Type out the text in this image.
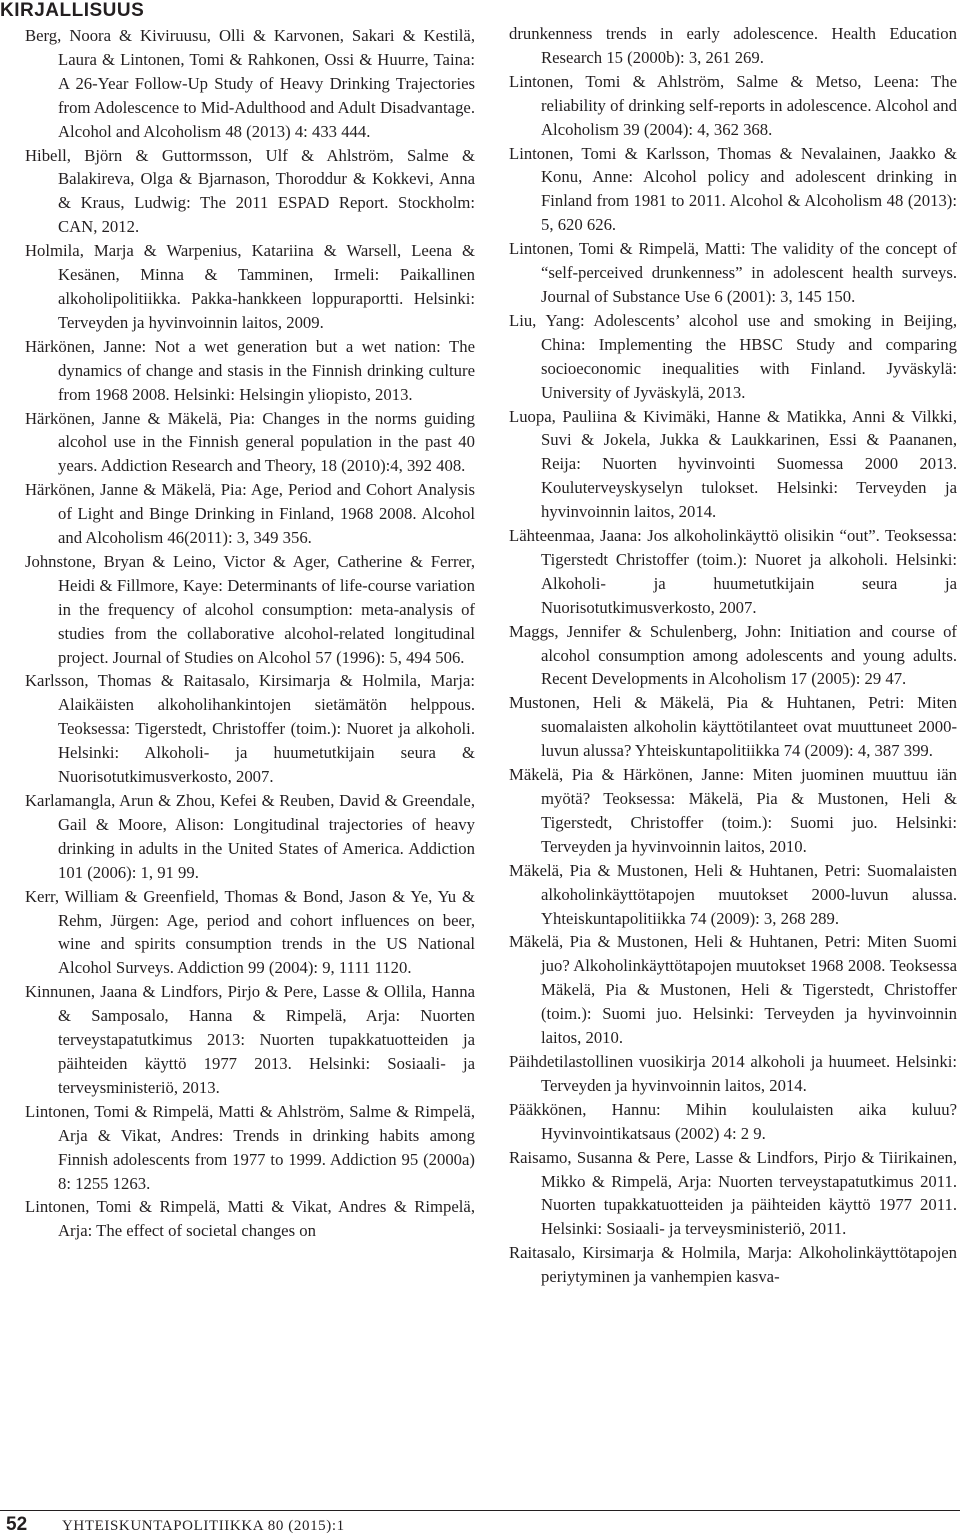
KIRJALLISUUS

Berg, Noora & Kiviruusu, Olli & Karvonen, Sakari & Kestilä, Laura & Lintonen, Tomi & Rahkonen, Ossi & Huurre, Taina: A 26-Year Follow-Up Study of Heavy Drinking Trajectories from Adolescence to Mid-Adulthood and Adult Disadvantage. Alcohol and Alcoholism 48 (2013) 4: 433 444.

Hibell, Björn & Guttormsson, Ulf & Ahlström, Salme & Balakireva, Olga & Bjarnason, Thoroddur & Kokkevi, Anna & Kraus, Ludwig: The 2011 ESPAD Report. Stockholm: CAN, 2012.

Holmila, Marja & Warpenius, Katariina & Warsell, Leena & Kesänen, Minna & Tamminen, Irmeli: Paikallinen alkoholipolitiikka. Pakka-hankkeen loppuraportti. Helsinki: Terveyden ja hyvinvoinnin laitos, 2009.

Härkönen, Janne: Not a wet generation but a wet nation: The dynamics of change and stasis in the Finnish drinking culture from 1968 2008. Helsinki: Helsingin yliopisto, 2013.

Härkönen, Janne & Mäkelä, Pia: Changes in the norms guiding alcohol use in the Finnish general population in the past 40 years. Addiction Research and Theory, 18 (2010):4, 392 408.

Härkönen, Janne & Mäkelä, Pia: Age, Period and Cohort Analysis of Light and Binge Drinking in Finland, 1968 2008. Alcohol and Alcoholism 46(2011): 3, 349 356.

Johnstone, Bryan & Leino, Victor & Ager, Catherine & Ferrer, Heidi & Fillmore, Kaye: Determinants of life-course variation in the frequency of alcohol consumption: meta-analysis of studies from the collaborative alcohol-related longitudinal project. Journal of Studies on Alcohol 57 (1996): 5, 494 506.

Karlsson, Thomas & Raitasalo, Kirsimarja & Holmila, Marja: Alaikäisten alkoholihankintojen sietämätön helppous. Teoksessa: Tigerstedt, Christoffer (toim.): Nuoret ja alkoholi. Helsinki: Alkoholi- ja huumetutkijain seura & Nuorisotutkimusverkosto, 2007.

Karlamangla, Arun & Zhou, Kefei & Reuben, David & Greendale, Gail & Moore, Alison: Longitudinal trajectories of heavy drinking in adults in the United States of America. Addiction 101 (2006): 1, 91 99.

Kerr, William & Greenfield, Thomas & Bond, Jason & Ye, Yu & Rehm, Jürgen: Age, period and cohort influences on beer, wine and spirits consumption trends in the US National Alcohol Surveys. Addiction 99 (2004): 9, 1111 1120.

Kinnunen, Jaana & Lindfors, Pirjo & Pere, Lasse & Ollila, Hanna & Samposalo, Hanna & Rimpelä, Arja: Nuorten terveystapatutkimus 2013: Nuorten tupakkatuotteiden ja päihteiden käyttö 1977 2013. Helsinki: Sosiaali- ja terveysministeriö, 2013.

Lintonen, Tomi & Rimpelä, Matti & Ahlström, Salme & Rimpelä, Arja & Vikat, Andres: Trends in drinking habits among Finnish adolescents from 1977 to 1999. Addiction 95 (2000a) 8: 1255 1263.

Lintonen, Tomi & Rimpelä, Matti & Vikat, Andres & Rimpelä, Arja: The effect of societal changes on

drunkenness trends in early adolescence. Health Education Research 15 (2000b): 3, 261 269.

Lintonen, Tomi & Ahlström, Salme & Metso, Leena: The reliability of drinking self-reports in adolescence. Alcohol and Alcoholism 39 (2004): 4, 362 368.

Lintonen, Tomi & Karlsson, Thomas & Nevalainen, Jaakko & Konu, Anne: Alcohol policy and adolescent drinking in Finland from 1981 to 2011. Alcohol & Alcoholism 48 (2013): 5, 620 626.

Lintonen, Tomi & Rimpelä, Matti: The validity of the concept of “self-perceived drunkenness” in adolescent health surveys. Journal of Substance Use 6 (2001): 3, 145 150.

Liu, Yang: Adolescents’ alcohol use and smoking in Beijing, China: Implementing the HBSC Study and comparing socioeconomic inequalities with Finland. Jyväskylä: University of Jyväskylä, 2013.

Luopa, Pauliina & Kivimäki, Hanne & Matikka, Anni & Vilkki, Suvi & Jokela, Jukka & Laukkarinen, Essi & Paananen, Reija: Nuorten hyvinvointi Suomessa 2000 2013. Kouluterveyskyselyn tulokset. Helsinki: Terveyden ja hyvinvoinnin laitos, 2014.

Lähteenmaa, Jaana: Jos alkoholinkäyttö olisikin “out”. Teoksessa: Tigerstedt Christoffer (toim.): Nuoret ja alkoholi. Helsinki: Alkoholi- ja huumetutkijain seura ja Nuorisotutkimusverkosto, 2007.

Maggs, Jennifer & Schulenberg, John: Initiation and course of alcohol consumption among adolescents and young adults. Recent Developments in Alcoholism 17 (2005): 29 47.

Mustonen, Heli & Mäkelä, Pia & Huhtanen, Petri: Miten suomalaisten alkoholin käyttötilanteet ovat muuttuneet 2000-luvun alussa? Yhteiskuntapolitiikka 74 (2009): 4, 387 399.

Mäkelä, Pia & Härkönen, Janne: Miten juominen muuttuu iän myötä? Teoksessa: Mäkelä, Pia & Mustonen, Heli & Tigerstedt, Christoffer (toim.): Suomi juo. Helsinki: Terveyden ja hyvinvoinnin laitos, 2010.

Mäkelä, Pia & Mustonen, Heli & Huhtanen, Petri: Suomalaisten alkoholinkäyttötapojen muutokset 2000-luvun alussa. Yhteiskuntapolitiikka 74 (2009): 3, 268 289.

Mäkelä, Pia & Mustonen, Heli & Huhtanen, Petri: Miten Suomi juo? Alkoholinkäyttötapojen muutokset 1968 2008. Teoksessa Mäkelä, Pia & Mustonen, Heli & Tigerstedt, Christoffer (toim.): Suomi juo. Helsinki: Terveyden ja hyvinvoinnin laitos, 2010.

Päihdetilastollinen vuosikirja 2014 alkoholi ja huumeet. Helsinki: Terveyden ja hyvinvoinnin laitos, 2014.

Pääkkönen, Hannu: Mihin koululaisten aika kuluu? Hyvinvointikatsaus (2002) 4: 2 9.

Raisamo, Susanna & Pere, Lasse & Lindfors, Pirjo & Tiirikainen, Mikko & Rimpelä, Arja: Nuorten terveystapatutkimus 2011. Nuorten tupakkatuotteiden ja päihteiden käyttö 1977 2011. Helsinki: Sosiaali- ja terveysministeriö, 2011.

Raitasalo, Kirsimarja & Holmila, Marja: Alkoholinkäyttötapojen periytyminen ja vanhempien kasva-

52 YHTEISKUNTAPOLITIIKKA 80 (2015):1
